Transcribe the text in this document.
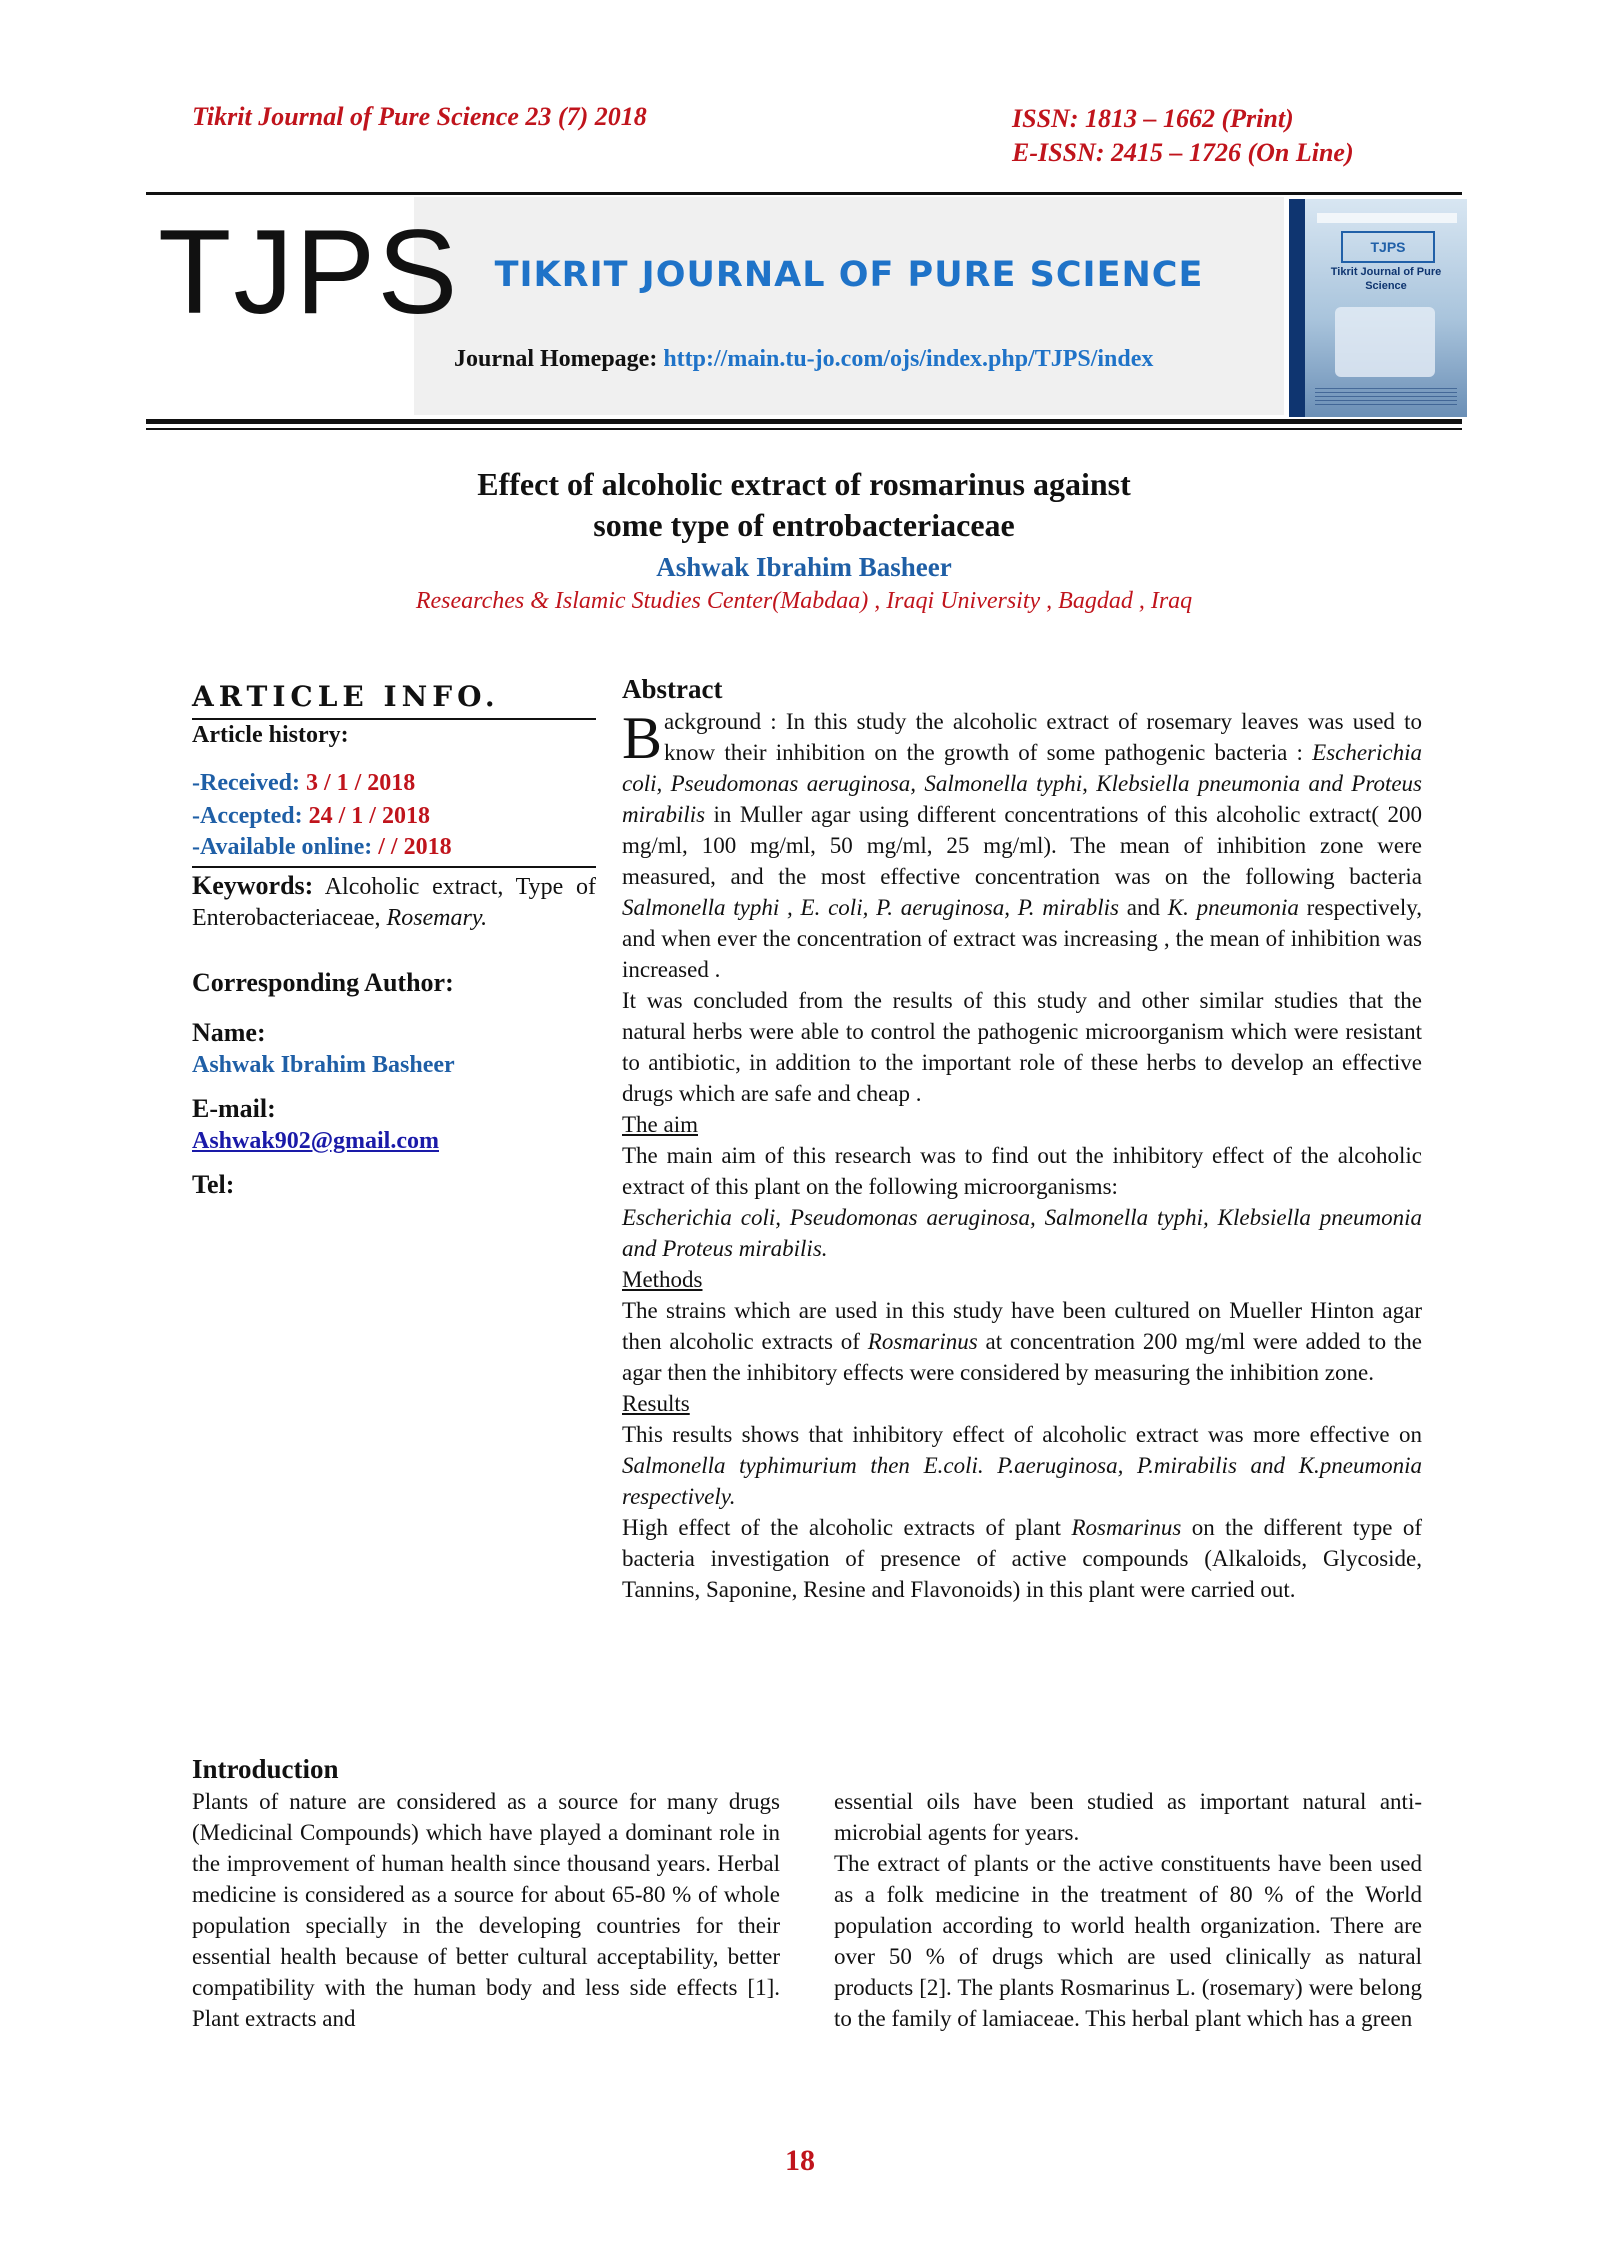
Tikrit Journal of Pure Science 23 (7) 2018	ISSN: 1813 – 1662 (Print)
E-ISSN: 2415 – 1726 (On Line)
TJPS	TIKRIT JOURNAL OF PURE SCIENCE
Journal Homepage: http://main.tu-jo.com/ojs/index.php/TJPS/index
TJPS
Tikrit Journal of Pure Science
Effect of alcoholic extract of rosmarinus against some type of entrobacteriaceae
Ashwak Ibrahim Basheer
Researches & Islamic Studies Center(Mabdaa) , Iraqi University , Bagdad , Iraq
ARTICLE INFO.
Article history:
-Received: 3 / 1 / 2018
-Accepted: 24 / 1 / 2018
-Available online: / / 2018
Keywords: Alcoholic extract, Type of Enterobacteriaceae, Rosemary.
Corresponding Author:
Name:
Ashwak Ibrahim Basheer
E-mail:
Ashwak902@gmail.com
Tel:
Abstract

Background : In this study the alcoholic extract of rosemary leaves was used to know their inhibition on the growth of some pathogenic bacteria : Escherichia coli, Pseudomonas aeruginosa, Salmonella typhi, Klebsiella pneumonia and Proteus mirabilis in Muller agar using different concentrations of this alcoholic extract( 200 mg/ml, 100 mg/ml, 50 mg/ml, 25 mg/ml). The mean of inhibition zone were measured, and the most effective concentration was on the following bacteria Salmonella typhi , E. coli, P. aeruginosa, P. mirablis and K. pneumonia respectively, and when ever the concentration of extract was increasing , the mean of inhibition was increased .

It was concluded from the results of this study and other similar studies that the natural herbs were able to control the pathogenic microorganism which were resistant to antibiotic, in addition to the important role of these herbs to develop an effective drugs which are safe and cheap .

The aim

The main aim of this research was to find out the inhibitory effect of the alcoholic extract of this plant on the following microorganisms:
Escherichia coli, Pseudomonas aeruginosa, Salmonella typhi, Klebsiella pneumonia and Proteus mirabilis.

Methods

The strains which are used in this study have been cultured on Mueller Hinton agar then alcoholic extracts of Rosmarinus at concentration 200 mg/ml were added to the agar then the inhibitory effects were considered by measuring the inhibition zone.

Results

This results shows that inhibitory effect of alcoholic extract was more effective on Salmonella typhimurium then E.coli. P.aeruginosa, P.mirabilis and K.pneumonia respectively.

High effect of the alcoholic extracts of plant Rosmarinus on the different type of bacteria investigation of presence of active compounds (Alkaloids, Glycoside, Tannins, Saponine, Resine and Flavonoids) in this plant were carried out.

Introduction
Plants of nature are considered as a source for many drugs (Medicinal Compounds) which have played a dominant role in the improvement of human health since thousand years. Herbal medicine is considered as a source for about 65-80 % of whole population specially in the developing countries for their essential health because of better cultural acceptability, better compatibility with the human body and less side effects [1]. Plant extracts and

essential oils have been studied as important natural anti- microbial agents for years.

The extract of plants or the active constituents have been used as a folk medicine in the treatment of 80 % of the World population according to world health organization. There are over 50 % of drugs which are used clinically as natural products [2]. The plants Rosmarinus L. (rosemary) were belong to the family of lamiaceae. This herbal plant which has a green

18
